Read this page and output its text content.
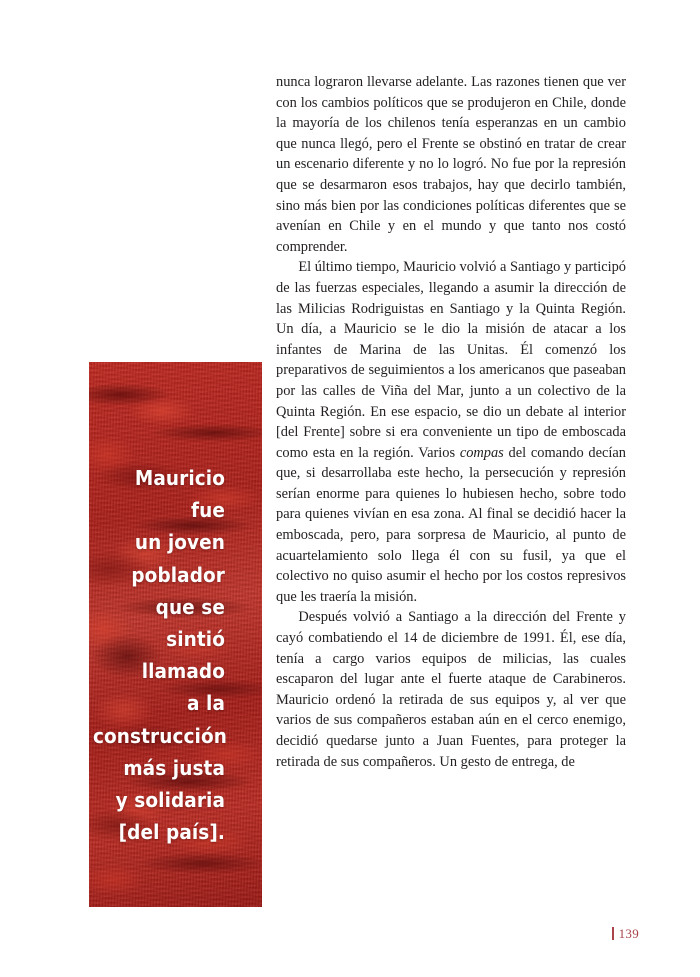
Mauricio
fue
un joven
poblador
que se
sintió
llamado
a la
construcción
más justa
y solidaria
[del país].

nunca lograron llevarse adelante. Las razones tienen que ver con los cambios políticos que se produjeron en Chile, donde la mayoría de los chilenos tenía esperanzas en un cambio que nunca llegó, pero el Frente se obstinó en tratar de crear un escenario diferente y no lo logró. No fue por la represión que se desarmaron esos trabajos, hay que decirlo también, sino más bien por las condiciones políticas diferentes que se avenían en Chile y en el mundo y que tanto nos costó comprender.

El último tiempo, Mauricio volvió a Santiago y participó de las fuerzas especiales, llegando a asumir la dirección de las Milicias Rodriguistas en Santiago y la Quinta Región. Un día, a Mauricio se le dio la misión de atacar a los infantes de Marina de las Unitas. Él comenzó los preparativos de seguimientos a los americanos que paseaban por las calles de Viña del Mar, junto a un colectivo de la Quinta Región. En ese espacio, se dio un debate al interior [del Frente] sobre si era conveniente un tipo de emboscada como esta en la región. Varios compas del comando decían que, si desarrollaba este hecho, la persecución y represión serían enorme para quienes lo hubiesen hecho, sobre todo para quienes vivían en esa zona. Al final se decidió hacer la emboscada, pero, para sorpresa de Mauricio, al punto de acuartelamiento solo llega él con su fusil, ya que el colectivo no quiso asumir el hecho por los costos represivos que les traería la misión.

Después volvió a Santiago a la dirección del Frente y cayó combatiendo el 14 de diciembre de 1991. Él, ese día, tenía a cargo varios equipos de milicias, las cuales escaparon del lugar ante el fuerte ataque de Carabineros. Mauricio ordenó la retirada de sus equipos y, al ver que varios de sus compañeros estaban aún en el cerco enemigo, decidió quedarse junto a Juan Fuentes, para proteger la retirada de sus compañeros. Un gesto de entrega, de

139
